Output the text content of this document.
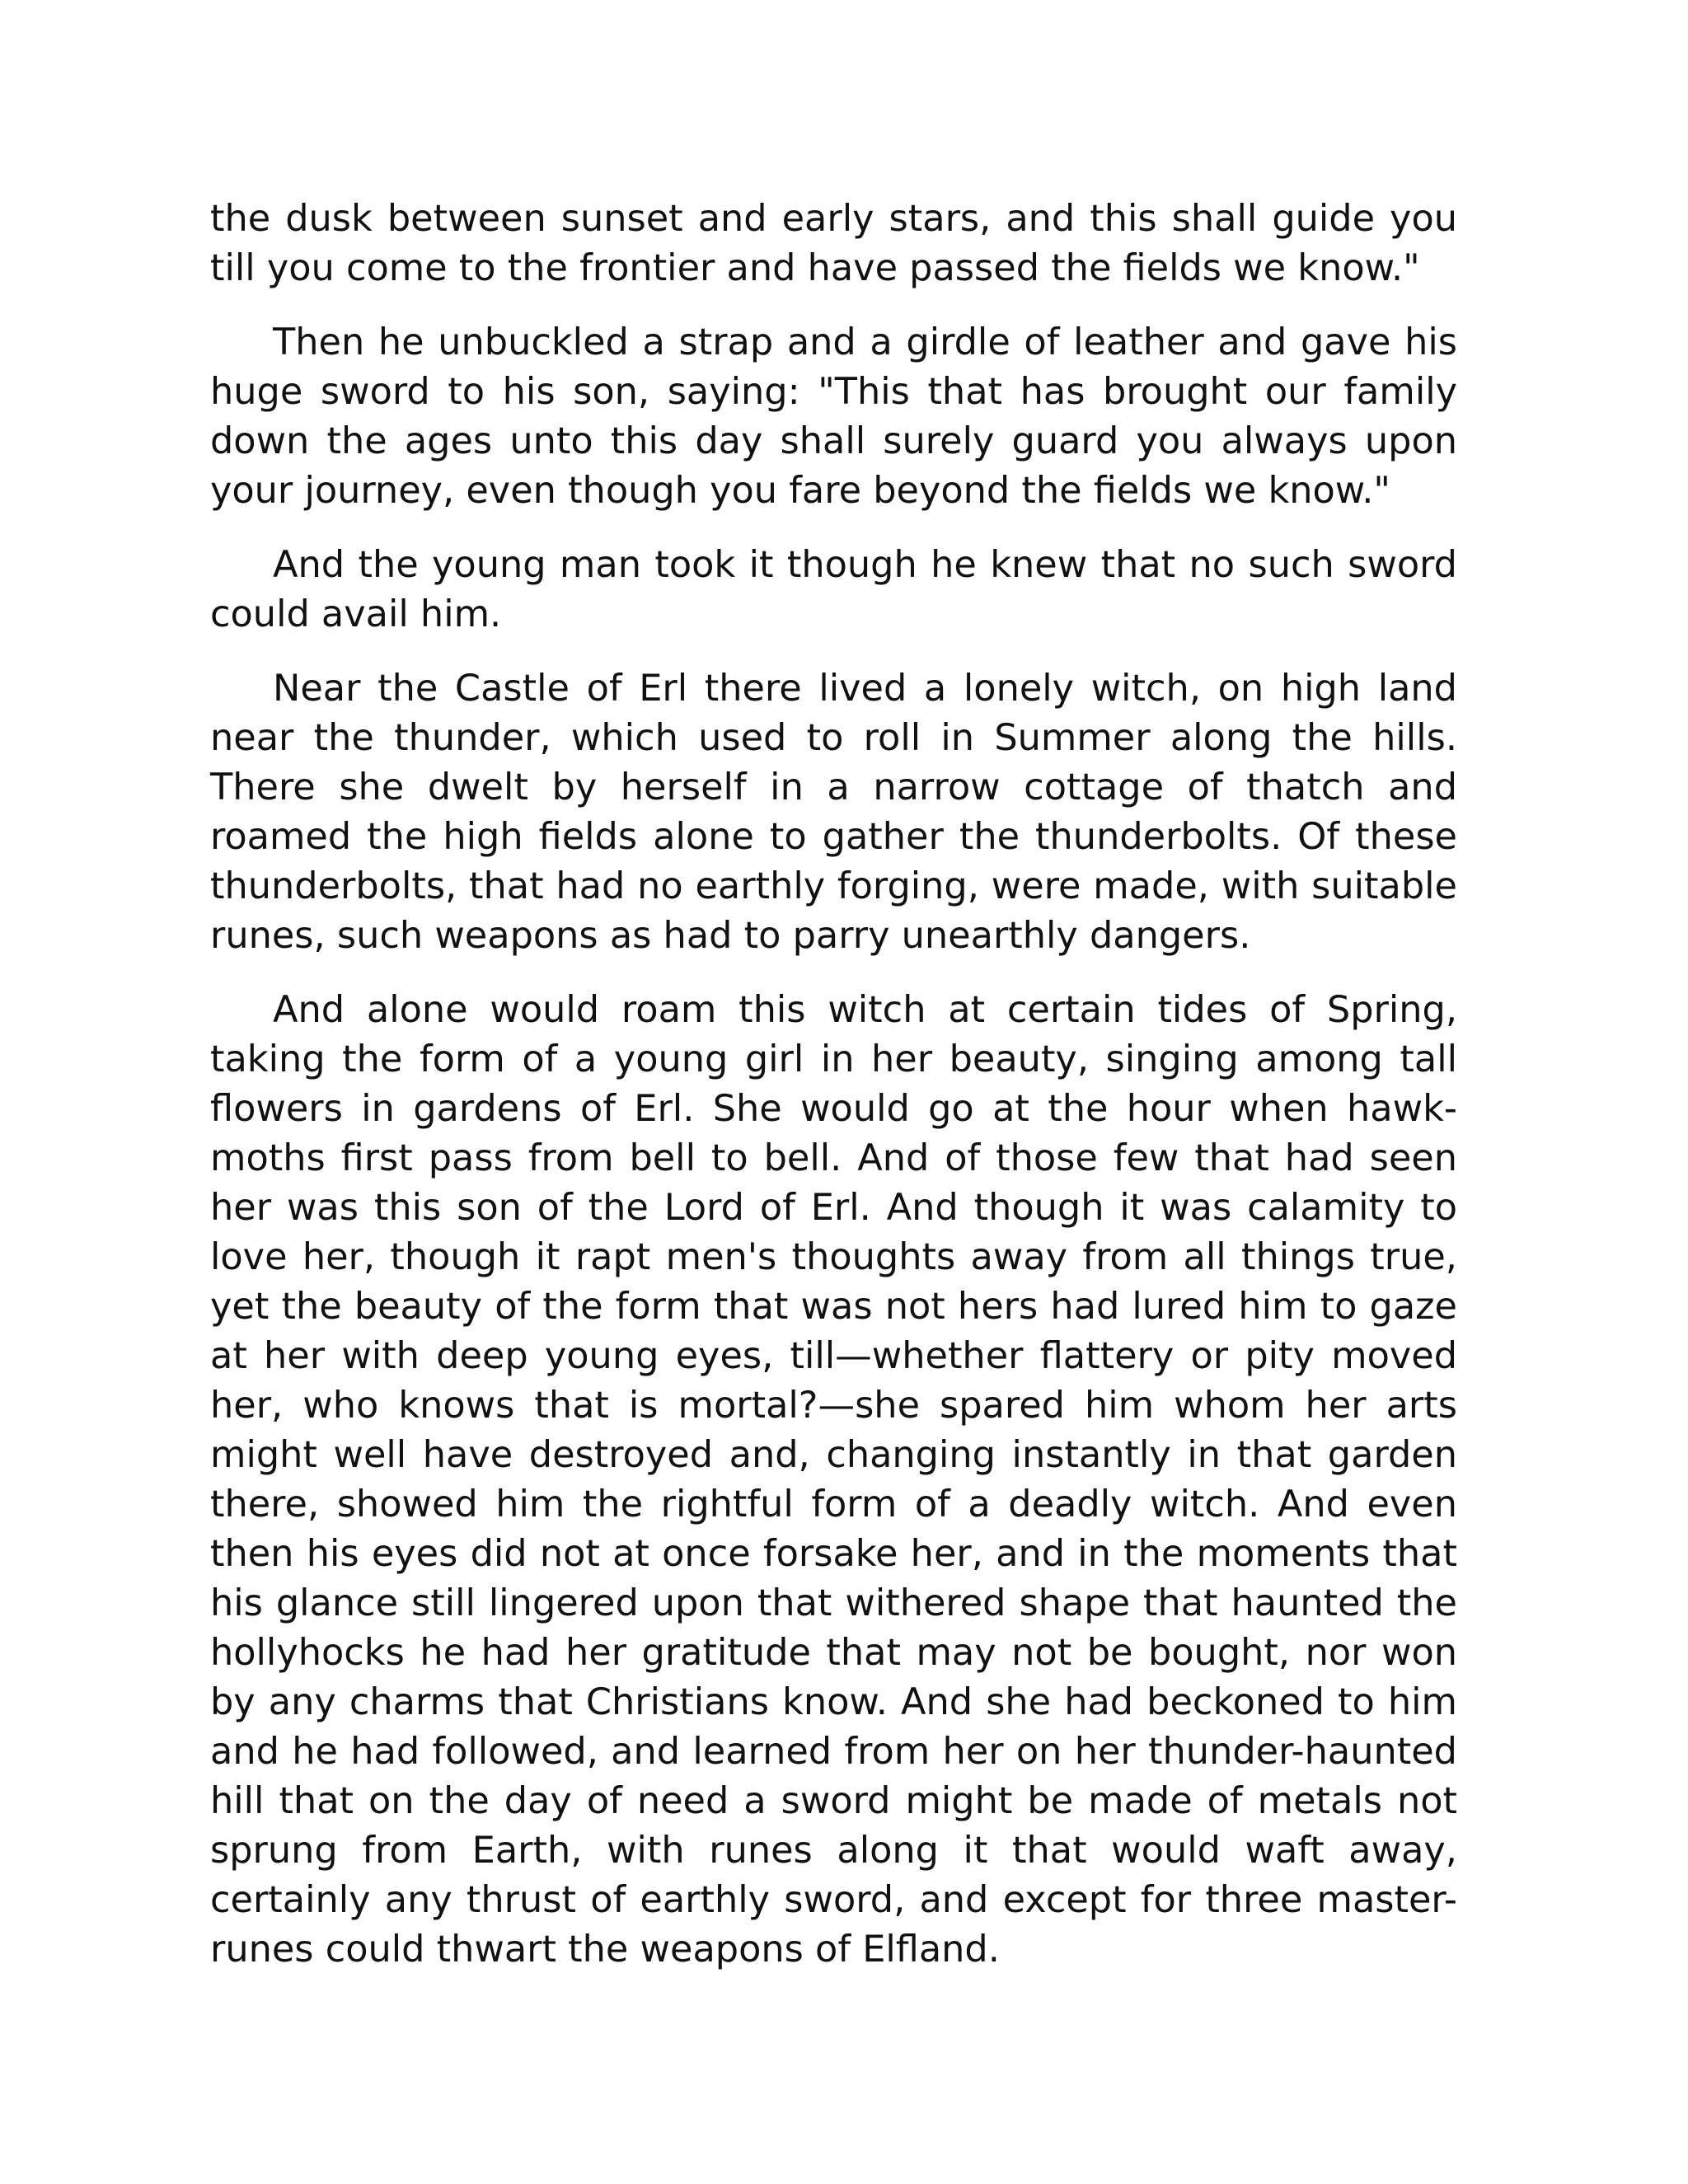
the dusk between sunset and early stars, and this shall guide you till you come to the frontier and have passed the fields we know."

Then he unbuckled a strap and a girdle of leather and gave his huge sword to his son, saying: "This that has brought our family down the ages unto this day shall surely guard you always upon your journey, even though you fare beyond the fields we know."

And the young man took it though he knew that no such sword could avail him.

Near the Castle of Erl there lived a lonely witch, on high land near the thunder, which used to roll in Summer along the hills. There she dwelt by herself in a narrow cottage of thatch and roamed the high fields alone to gather the thunderbolts. Of these thunderbolts, that had no earthly forging, were made, with suitable runes, such weapons as had to parry unearthly dangers.

And alone would roam this witch at certain tides of Spring, taking the form of a young girl in her beauty, singing among tall flowers in gardens of Erl. She would go at the hour when hawk-moths first pass from bell to bell. And of those few that had seen her was this son of the Lord of Erl. And though it was calamity to love her, though it rapt men's thoughts away from all things true, yet the beauty of the form that was not hers had lured him to gaze at her with deep young eyes, till—whether flattery or pity moved her, who knows that is mortal?—she spared him whom her arts might well have destroyed and, changing instantly in that garden there, showed him the rightful form of a deadly witch. And even then his eyes did not at once forsake her, and in the moments that his glance still lingered upon that withered shape that haunted the hollyhocks he had her gratitude that may not be bought, nor won by any charms that Christians know. And she had beckoned to him and he had followed, and learned from her on her thunder-haunted hill that on the day of need a sword might be made of metals not sprung from Earth, with runes along it that would waft away, certainly any thrust of earthly sword, and except for three master-runes could thwart the weapons of Elfland.
